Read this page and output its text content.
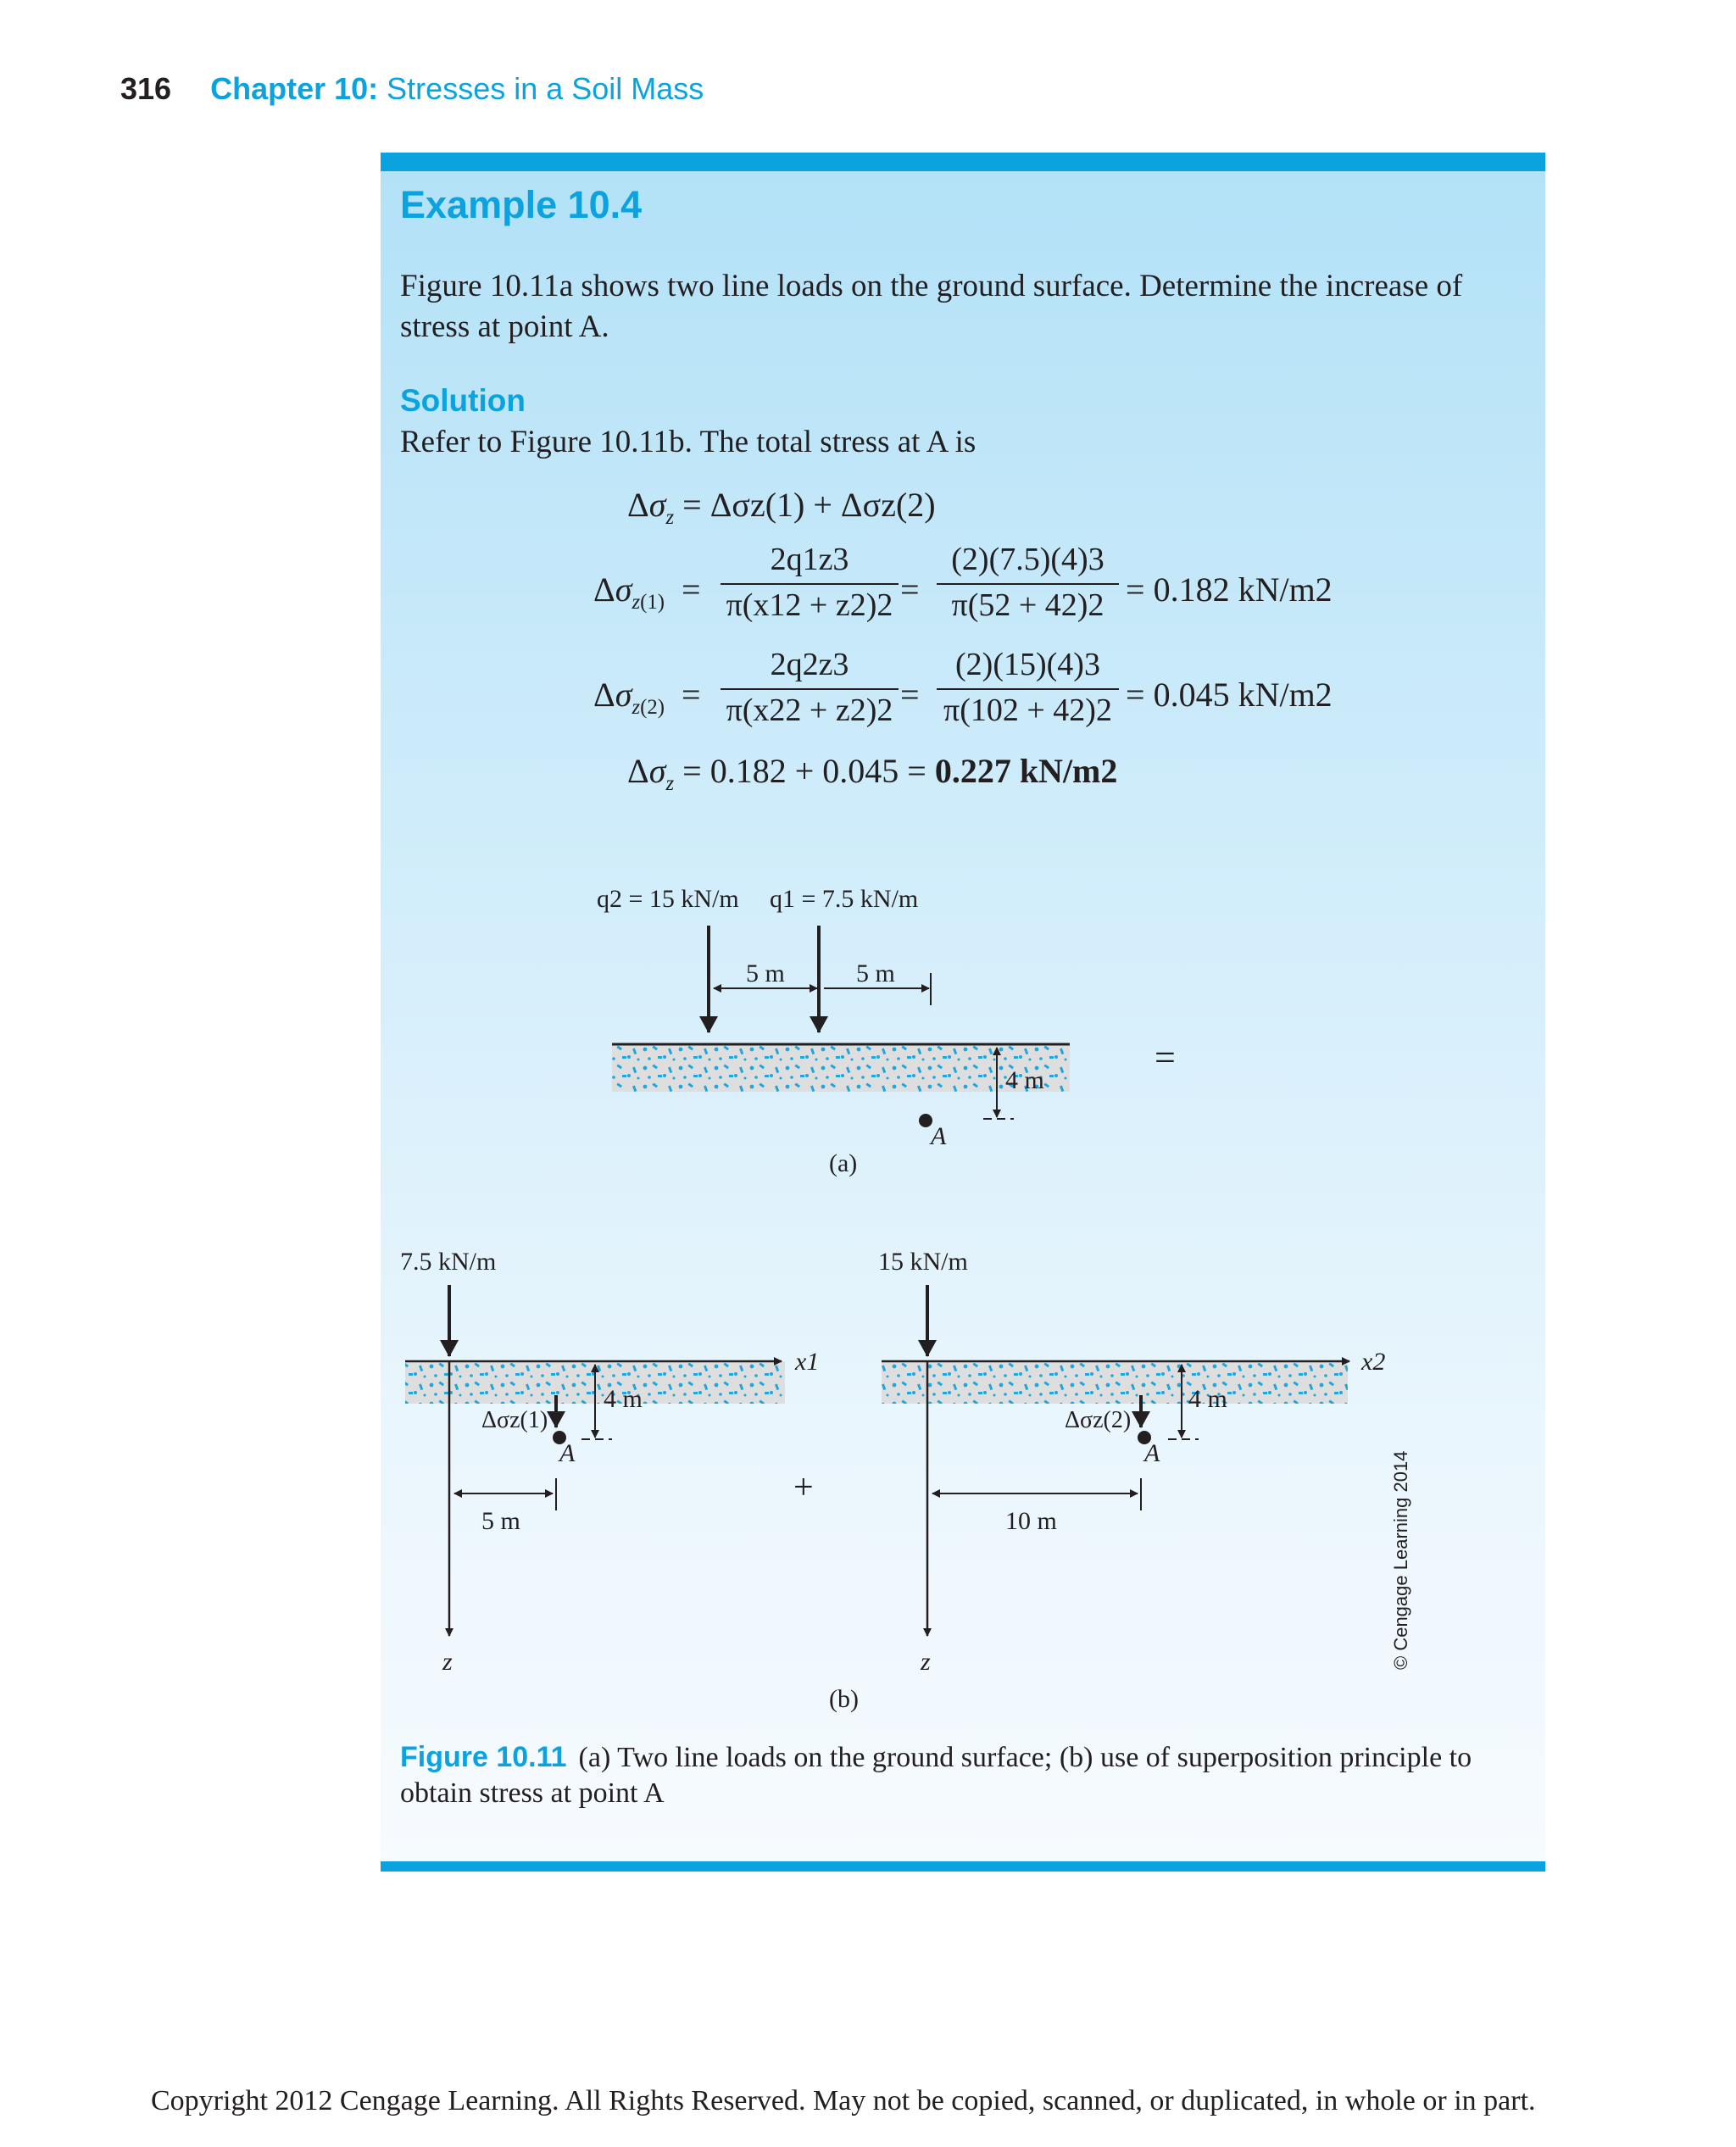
316 Chapter 10: Stresses in a Soil Mass
Example 10.4
Figure 10.11a shows two line loads on the ground surface. Determine the increase of stress at point A.
Solution
Refer to Figure 10.11b. The total stress at A is
$\Delta\sigma_z = \Delta\sigma z(1) + \Delta\sigma z(2)$
$\Delta\sigma_{z(1)} = \frac{2q1z3}{\pi(x12 + z2)2} = \frac{(2)(7.5)(4)3}{\pi(52 + 42)2} = 0.182$ kN/m2
$\Delta\sigma_{z(2)} = \frac{2q2z3}{\pi(x22 + z2)2} = \frac{(2)(15)(4)3}{\pi(102 + 42)2} = 0.045$ kN/m2
$\Delta\sigma_z = 0.182 + 0.045 = 0.227$ kN/m2
q2 = 15 kN/m q1 = 7.5 kN/m
5 m	5 m
4 m
A
(a)
=
7.5 kN/m
x1
z
4 m
Δσz(1)
A
5 m
+
15 kN/m
x2
z
4 m
Δσz(2)
A
10 m
(b)
© Cengage Learning 2014
Figure 10.11 (a) Two line loads on the ground surface; (b) use of superposition principle to obtain stress at point A
Copyright 2012 Cengage Learning. All Rights Reserved. May not be copied, scanned, or duplicated, in whole or in part.
